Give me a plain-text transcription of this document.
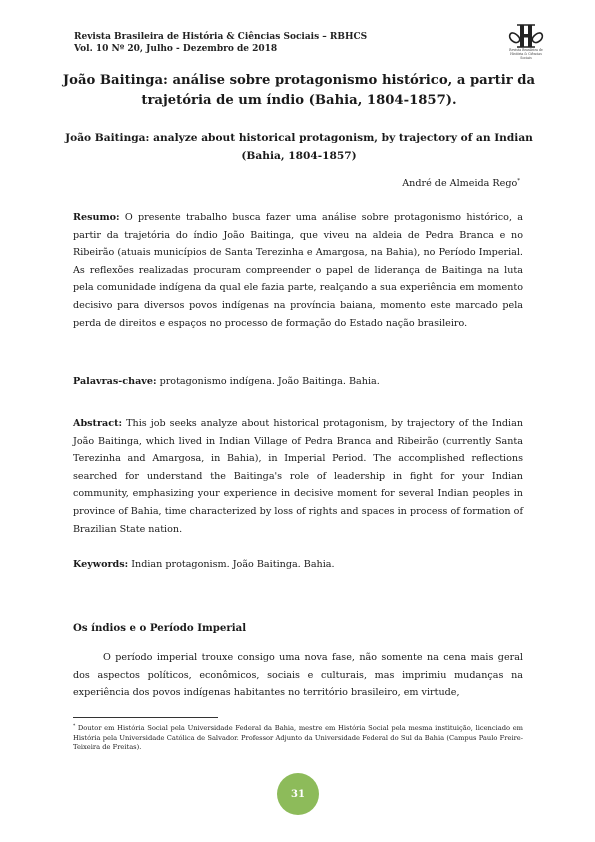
Revista Brasileira de História & Ciências Sociais – RBHCS
Vol. 10 Nº 20, Julho - Dezembro de 2018	Revista Brasileira de História & Ciências Sociais
João Baitinga: análise sobre protagonismo histórico, a partir da trajetória de um índio (Bahia, 1804-1857).
João Baitinga: analyze about historical protagonism, by trajectory of an Indian (Bahia, 1804-1857)
André de Almeida Rego*
Resumo: O presente trabalho busca fazer uma análise sobre protagonismo histórico, a partir da trajetória do índio João Baitinga, que viveu na aldeia de Pedra Branca e no Ribeirão (atuais municípios de Santa Terezinha e Amargosa, na Bahia), no Período Imperial. As reflexões realizadas procuram compreender o papel de liderança de Baitinga na luta pela comunidade indígena da qual ele fazia parte, realçando a sua experiência em momento decisivo para diversos povos indígenas na província baiana, momento este marcado pela perda de direitos e espaços no processo de formação do Estado nação brasileiro.
Palavras-chave: protagonismo indígena. João Baitinga. Bahia.
Abstract: This job seeks analyze about historical protagonism, by trajectory of the Indian João Baitinga, which lived in Indian Village of Pedra Branca and Ribeirão (currently Santa Terezinha and Amargosa, in Bahia), in Imperial Period. The accomplished reflections searched for understand the Baitinga's role of leadership in fight for your Indian community, emphasizing your experience in decisive moment for several Indian peoples in province of Bahia, time characterized by loss of rights and spaces in process of formation of Brazilian State nation.
Keywords: Indian protagonism. João Baitinga. Bahia.
Os índios e o Período Imperial
O período imperial trouxe consigo uma nova fase, não somente na cena mais geral dos aspectos políticos, econômicos, sociais e culturais, mas imprimiu mudanças na experiência dos povos indígenas habitantes no território brasileiro, em virtude,
* Doutor em História Social pela Universidade Federal da Bahia, mestre em História Social pela mesma instituição, licenciado em História pela Universidade Católica de Salvador. Professor Adjunto da Universidade Federal do Sul da Bahia (Campus Paulo Freire-Teixeira de Freitas).
31
